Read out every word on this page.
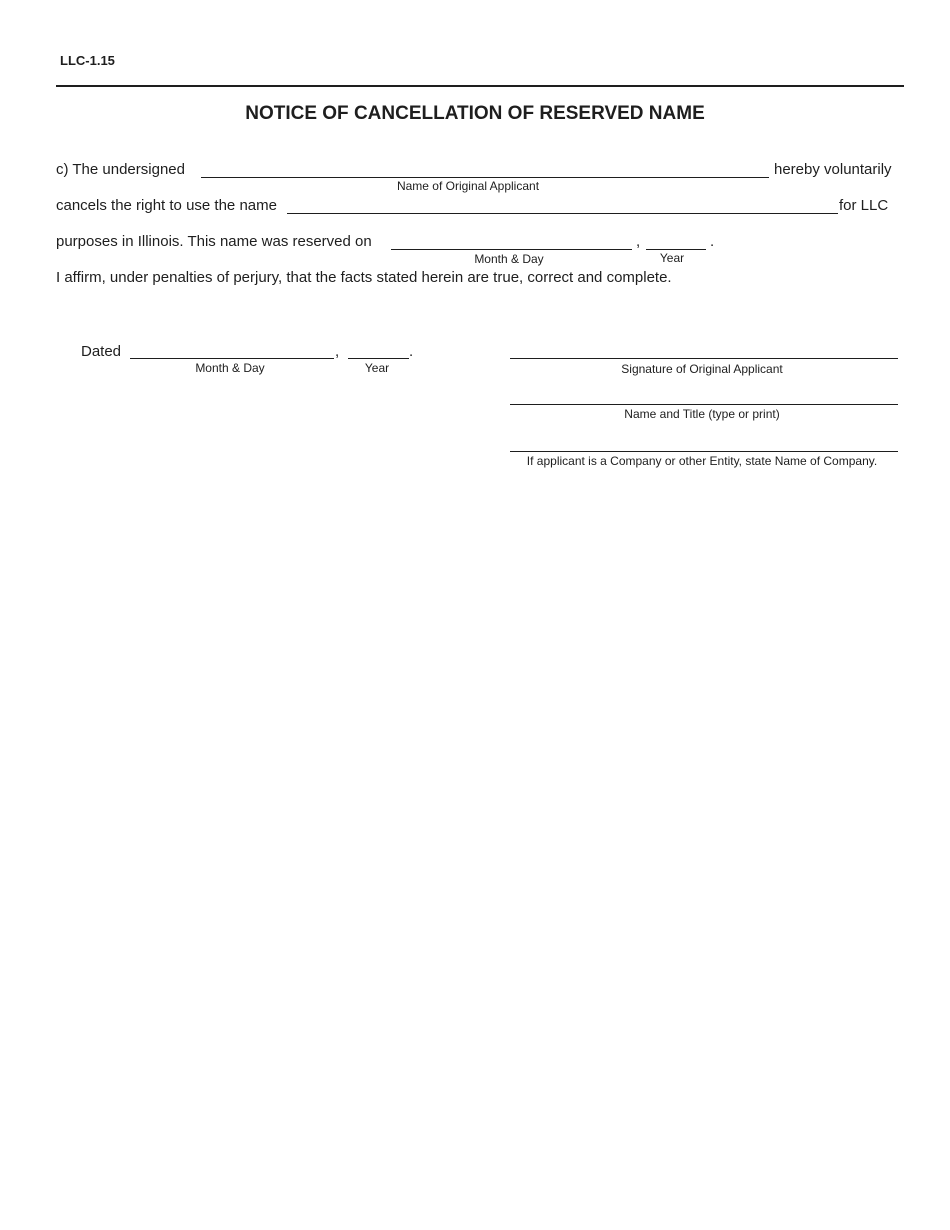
LLC-1.15
NOTICE OF CANCELLATION OF RESERVED NAME
c) The undersigned	hereby voluntarily
Name of Original Applicant
cancels the right to use the name	for LLC
purposes in Illinois. This name was reserved on	,	.
Month & Day	Year
I affirm, under penalties of perjury, that the facts stated herein are true, correct and complete.
Dated	,	.
Month & Day	Year	Signature of Original Applicant
Name and Title (type or print)
If applicant is a Company or other Entity, state Name of Company.
